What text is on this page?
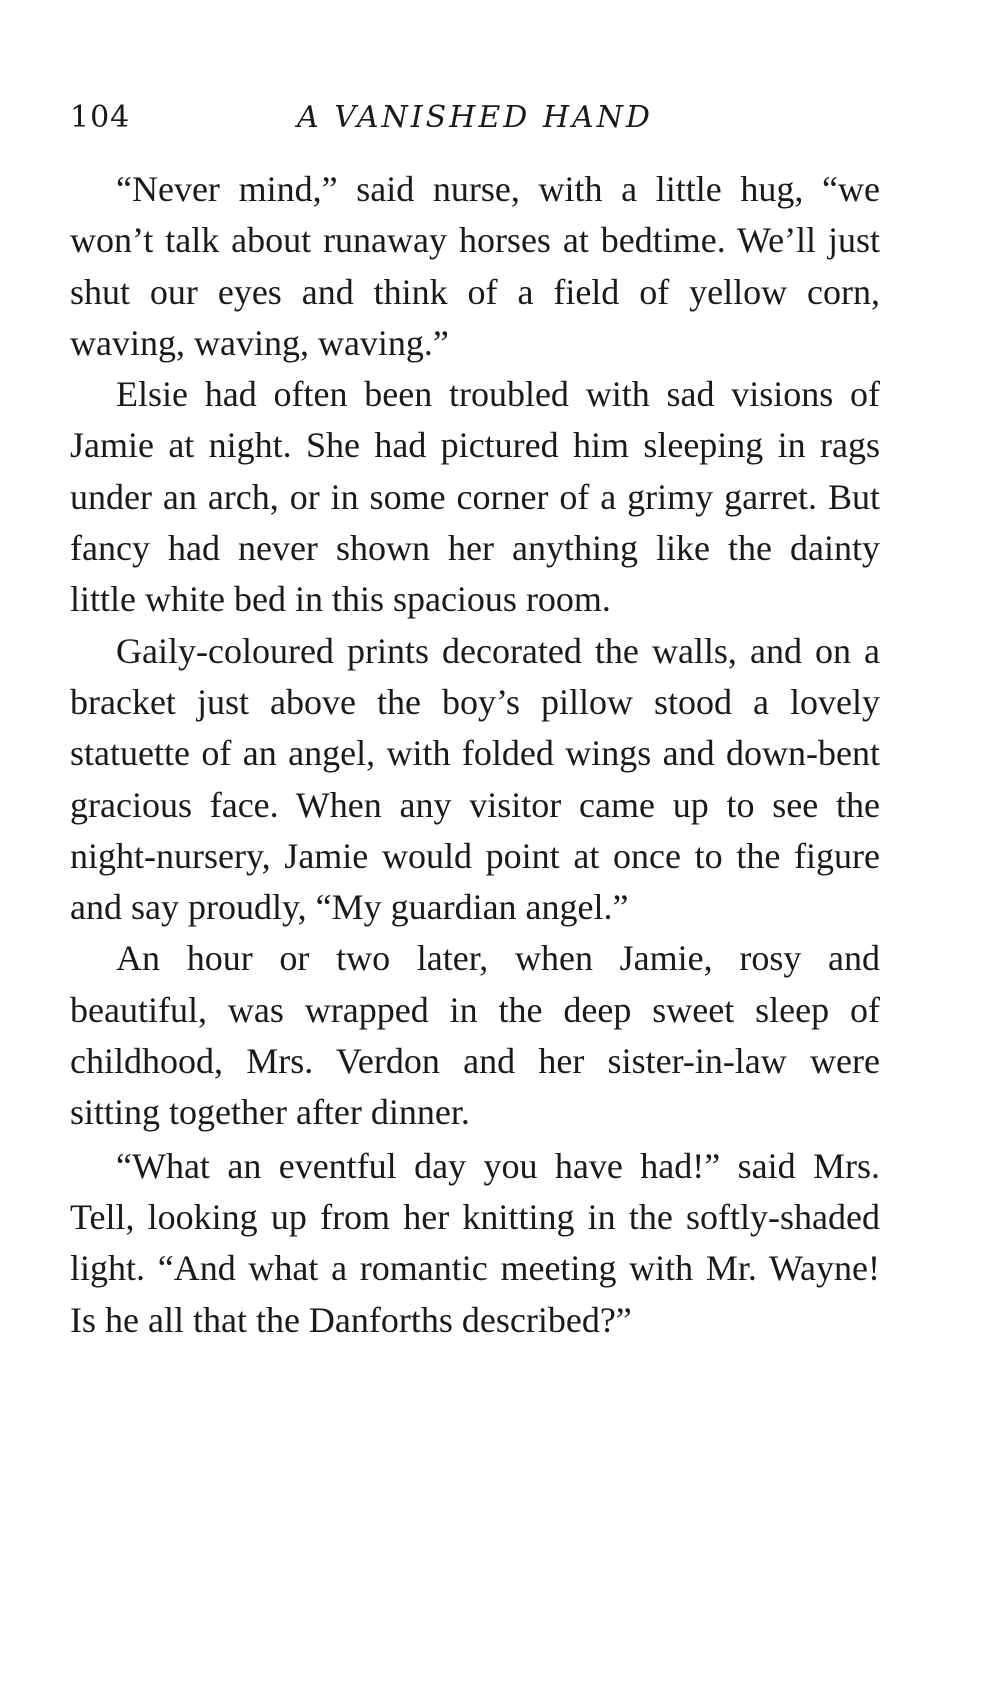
104	A VANISHED HAND

“Never mind,” said nurse, with a little hug, “we won’t talk about runaway horses at bedtime. We’ll just shut our eyes and think of a field of yellow corn, waving, waving, waving.”

Elsie had often been troubled with sad visions of Jamie at night. She had pictured him sleeping in rags under an arch, or in some corner of a grimy garret. But fancy had never shown her anything like the dainty little white bed in this spacious room.

Gaily-coloured prints decorated the walls, and on a bracket just above the boy’s pillow stood a lovely statuette of an angel, with folded wings and down-bent gracious face. When any visitor came up to see the night-nursery, Jamie would point at once to the figure and say proudly, “My guardian angel.”

An hour or two later, when Jamie, rosy and beautiful, was wrapped in the deep sweet sleep of childhood, Mrs. Verdon and her sister-in-law were sitting together after dinner.

“What an eventful day you have had!” said Mrs. Tell, looking up from her knitting in the softly-shaded light. “And what a romantic meeting with Mr. Wayne! Is he all that the Danforths described?”
